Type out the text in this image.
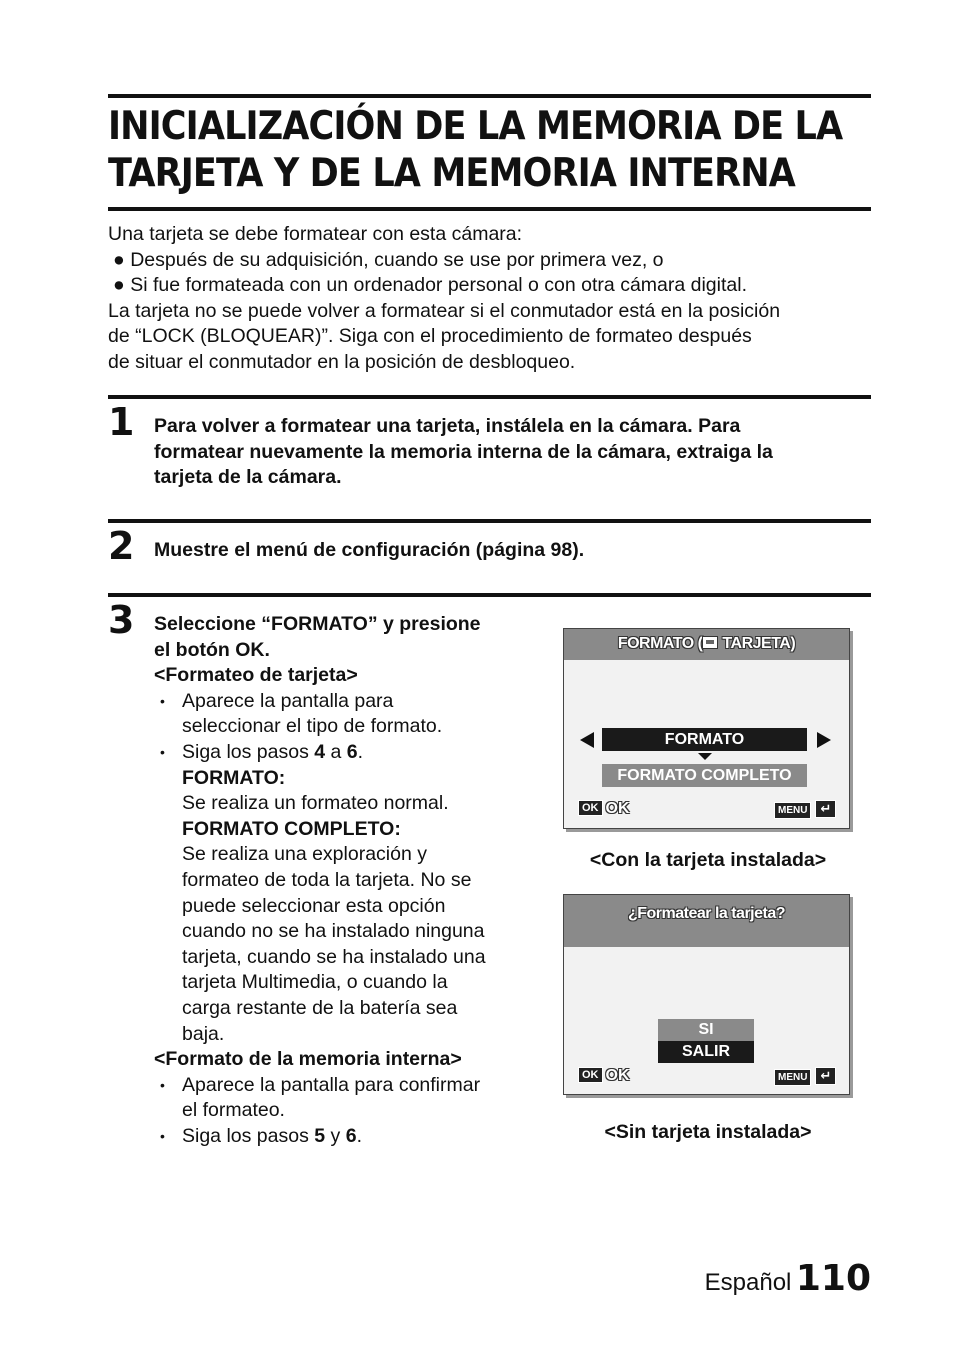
INICIALIZACIÓN DE LA MEMORIA DE LA
TARJETA Y DE LA MEMORIA INTERNA
Una tarjeta se debe formatear con esta cámara:
● Después de su adquisición, cuando se use por primera vez, o
● Si fue formateada con un ordenador personal o con otra cámara digital.
La tarjeta no se puede volver a formatear si el conmutador está en la posición
de “LOCK (BLOQUEAR)”. Siga con el procedimiento de formateo después
de situar el conmutador en la posición de desbloqueo.
1 Para volver a formatear una tarjeta, instálela en la cámara. Para
formatear nuevamente la memoria interna de la cámara, extraiga la
tarjeta de la cámara.
2 Muestre el menú de configuración (página 98).
3 Seleccione “FORMATO” y presione
el botón OK.
<Formateo de tarjeta>
• Aparece la pantalla para
seleccionar el tipo de formato.
• Siga los pasos 4 a 6.
FORMATO:
Se realiza un formateo normal.
FORMATO COMPLETO:
Se realiza una exploración y
formateo de toda la tarjeta. No se
puede seleccionar esta opción
cuando no se ha instalado ninguna
tarjeta, cuando se ha instalado una
tarjeta Multimedia, o cuando la
carga restante de la batería sea
baja.
<Formato de la memoria interna>
• Aparece la pantalla para confirmar
el formateo.
• Siga los pasos 5 y 6.
FORMATO (
TARJETA)
FORMATO
FORMATO COMPLETO
OK OK	MENU ↵
<Con la tarjeta instalada>
¿Formatear la tarjeta?
SI
SALIR
OK OK	MENU ↵
<Sin tarjeta instalada>
Español 110
